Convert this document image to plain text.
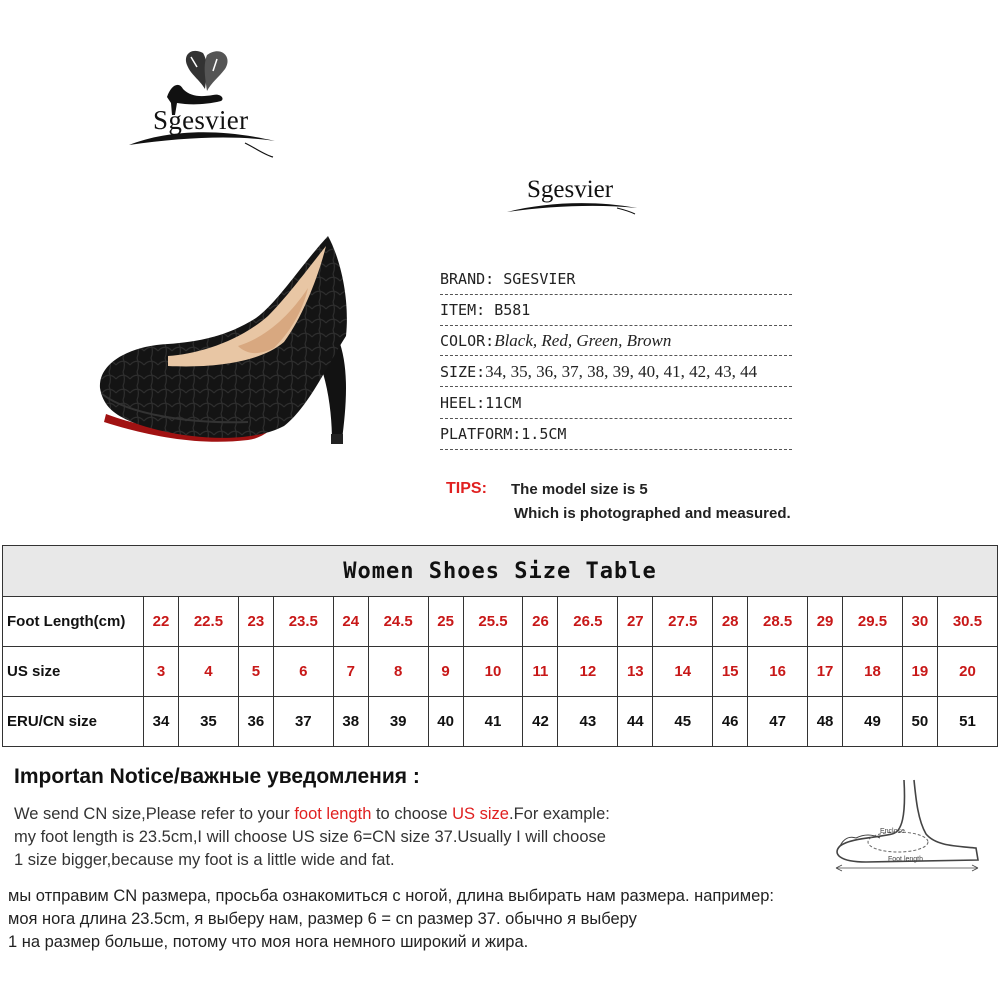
Sgesvier
Sgesvier
BRAND: SGESVIER
ITEM: B581
COLOR:Black, Red, Green, Brown
SIZE:34, 35, 36, 37, 38, 39, 40, 41, 42, 43, 44
HEEL:11CM
PLATFORM:1.5CM
TIPS: The model size is 5
Which is photographed and measured.
Women Shoes Size Table																		
Foot Length(cm)	22	22.5	23	23.5	24	24.5	25	25.5	26	26.5	27	27.5	28	28.5	29	29.5	30	30.5
US size	3	4	5	6	7	8	9	10	11	12	13	14	15	16	17	18	19	20
ERU/CN size	34	35	36	37	38	39	40	41	42	43	44	45	46	47	48	49	50	51
Importan Notice/важные уведомления :
We send CN size,Please refer to your foot length to choose US size.For example:
my foot length is 23.5cm,I will choose US size 6=CN size 37.Usually I will choose
1 size bigger,because my foot is a little wide and fat.
Enclose
Foot length
мы отправим CN размера, просьба ознакомиться с ногой, длина выбирать нам размера. например:
моя нога длина 23.5cm, я выберу нам, размер 6 = cn размер 37. обычно я выберу
1 на размер больше, потому что моя нога немного широкий и жира.
